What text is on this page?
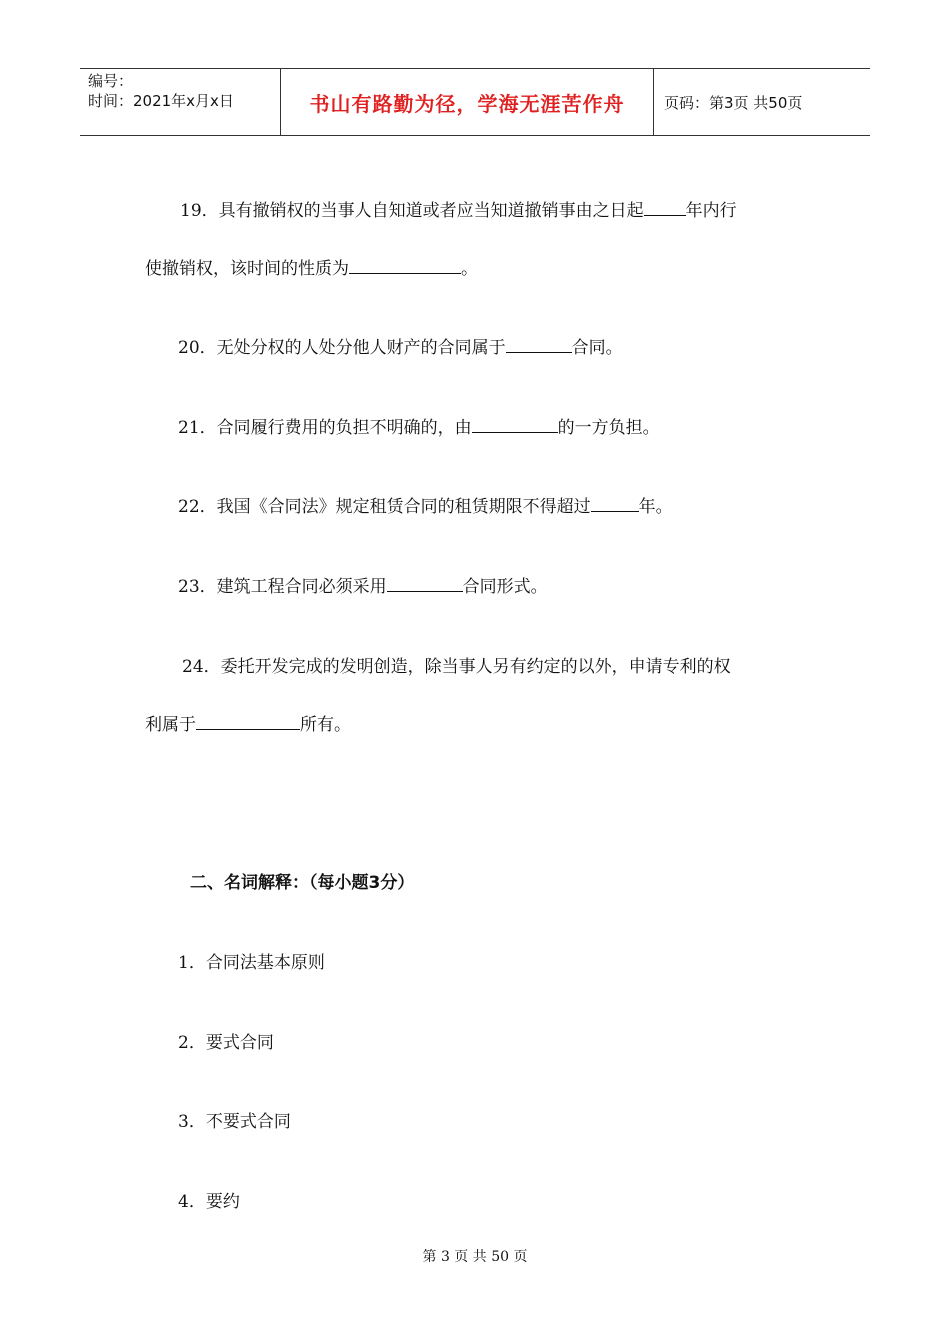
编号：
时间：2021年x月x日	书山有路勤为径，学海无涯苦作舟	页码：第3页 共50页
19．具有撤销权的当事人自知道或者应当知道撤销事由之日起 年内行
使撤销权，该时间的性质为	。
20．无处分权的人处分他人财产的合同属于	合同。
21．合同履行费用的负担不明确的，由	的一方负担。
22．我国《合同法》规定租赁合同的租赁期限不得超过	年。
23．建筑工程合同必须采用	合同形式。
24．委托开发完成的发明创造，除当事人另有约定的以外，申请专利的权
利属于	所有。
二、名词解释：（每小题3分）
1．合同法基本原则
2．要式合同
3．不要式合同
4．要约
第 3 页 共 50 页
